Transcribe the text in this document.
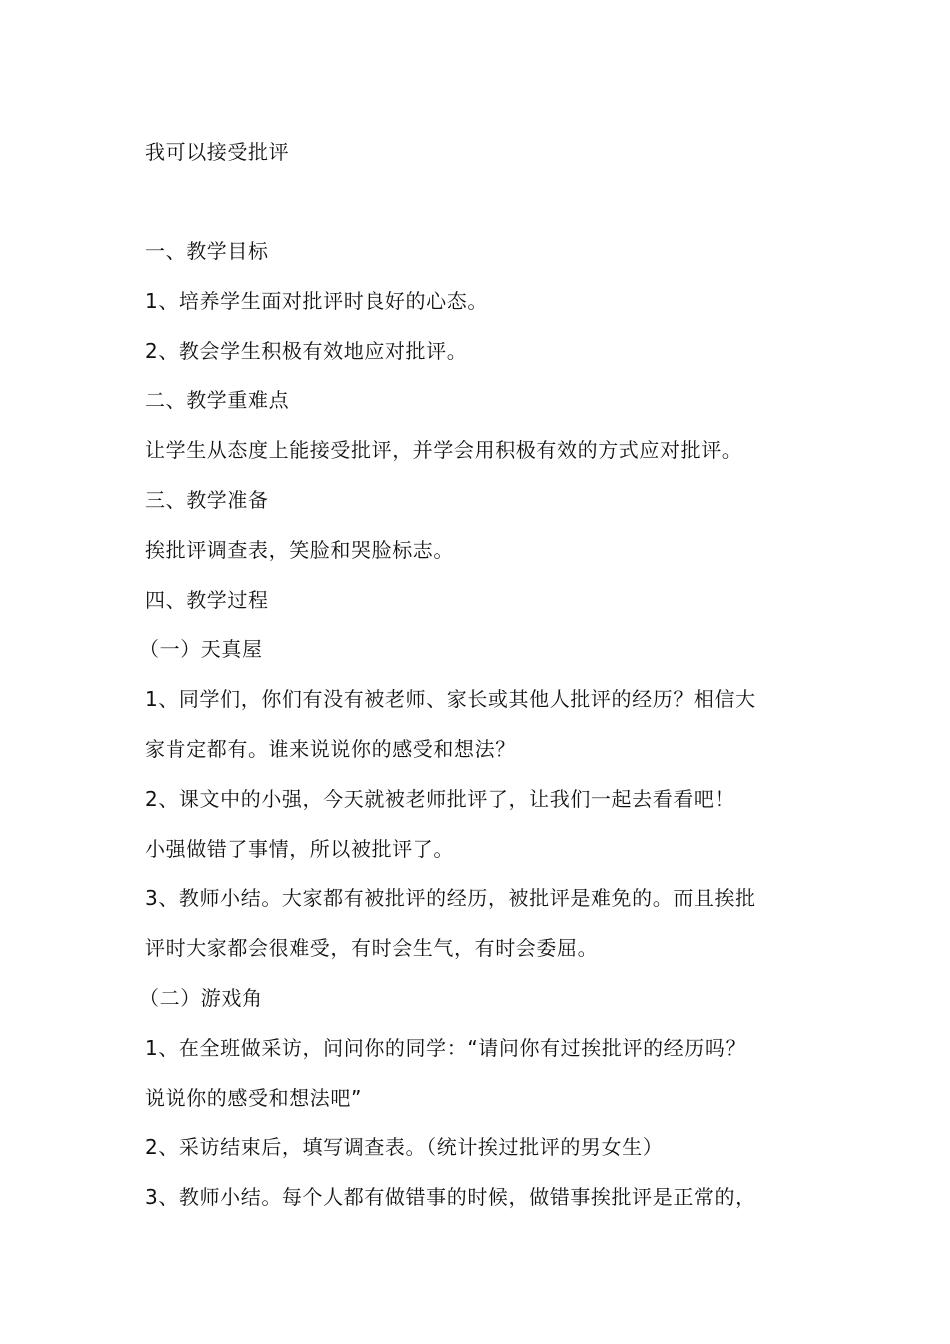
我可以接受批评
一、教学目标
1、培养学生面对批评时良好的心态。
2、教会学生积极有效地应对批评。
二、教学重难点
让学生从态度上能接受批评，并学会用积极有效的方式应对批评。
三、教学准备
挨批评调查表，笑脸和哭脸标志。
四、教学过程
（一）天真屋
1、同学们，你们有没有被老师、家长或其他人批评的经历？相信大
家肯定都有。谁来说说你的感受和想法？
2、课文中的小强，今天就被老师批评了，让我们一起去看看吧！
小强做错了事情，所以被批评了。
3、教师小结。大家都有被批评的经历，被批评是难免的。而且挨批
评时大家都会很难受，有时会生气，有时会委屈。
（二）游戏角
1、在全班做采访，问问你的同学：“请问你有过挨批评的经历吗？
说说你的感受和想法吧”
2、采访结束后，填写调查表。（统计挨过批评的男女生）
3、教师小结。每个人都有做错事的时候，做错事挨批评是正常的，
